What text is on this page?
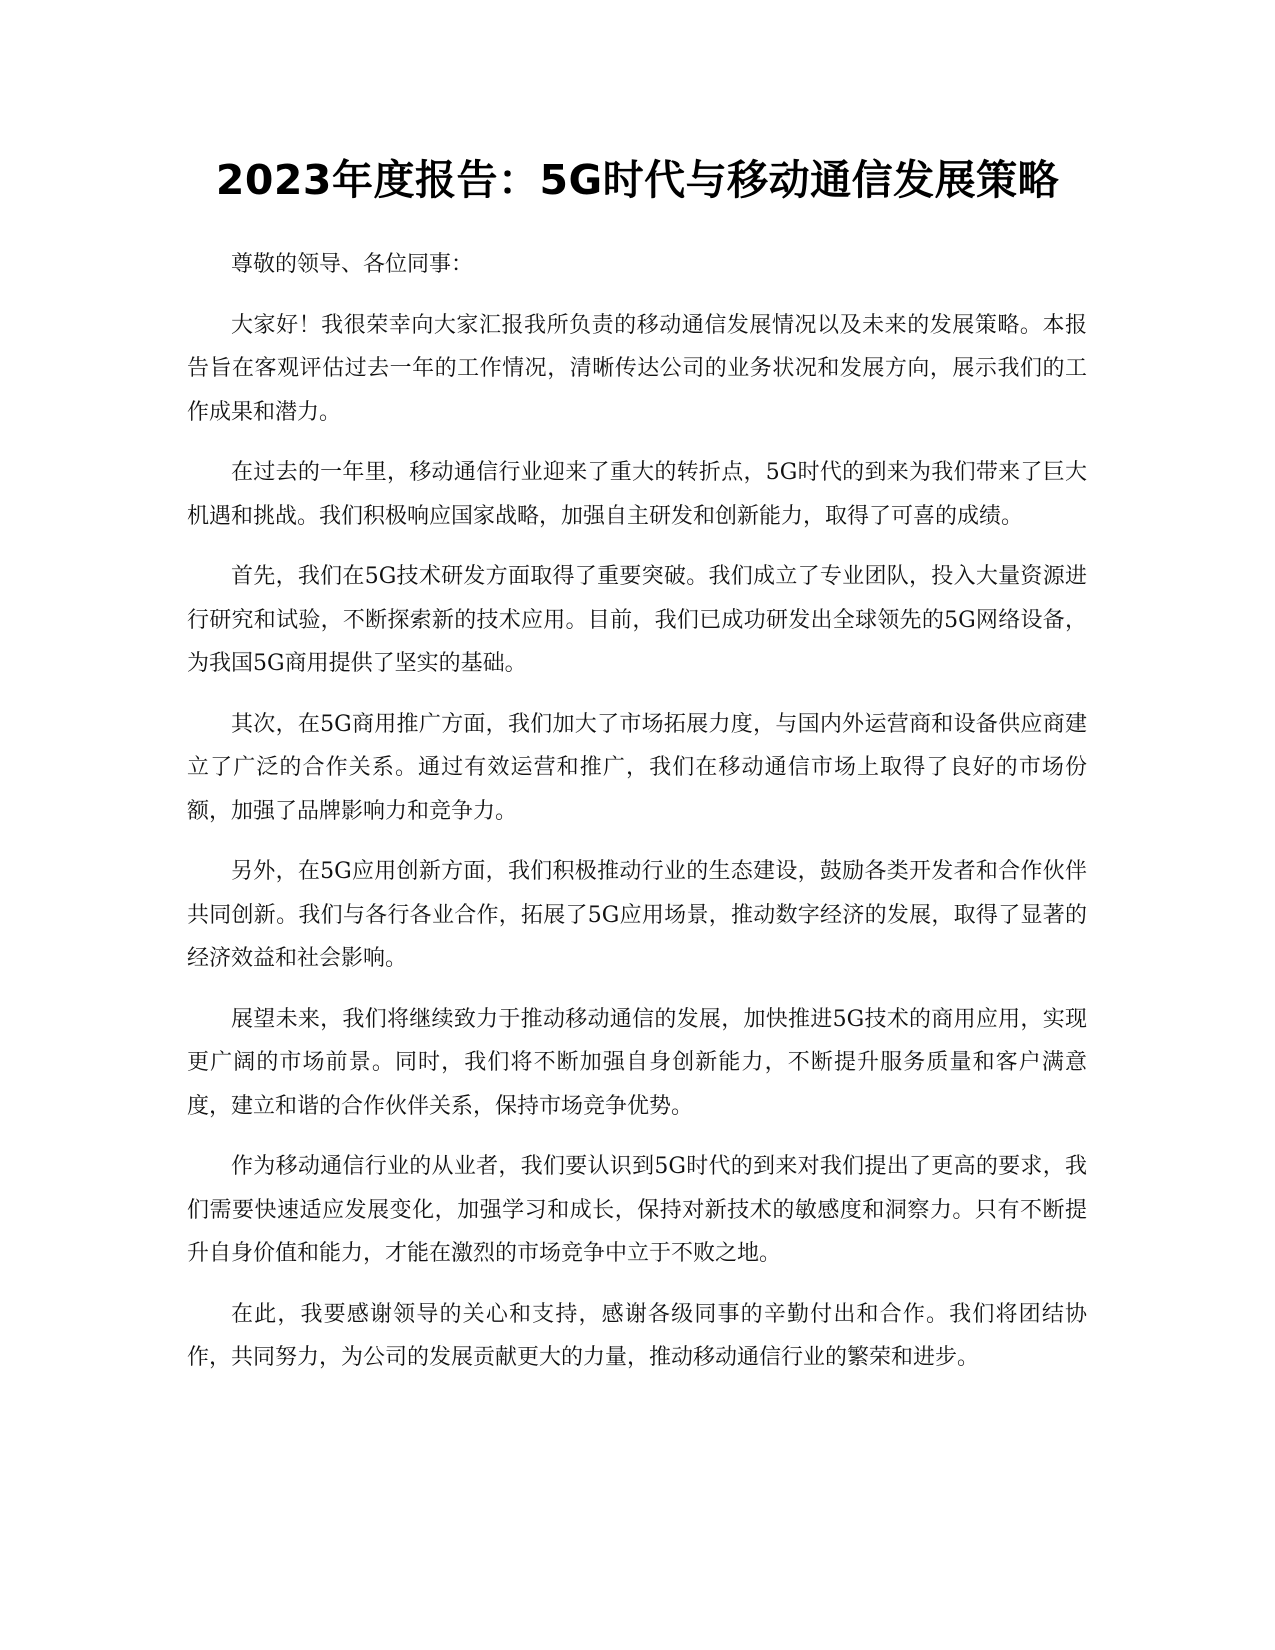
2023年度报告：5G时代与移动通信发展策略

尊敬的领导、各位同事：

大家好！我很荣幸向大家汇报我所负责的移动通信发展情况以及未来的发展策略。本报告旨在客观评估过去一年的工作情况，清晰传达公司的业务状况和发展方向，展示我们的工作成果和潜力。

在过去的一年里，移动通信行业迎来了重大的转折点，5G时代的到来为我们带来了巨大机遇和挑战。我们积极响应国家战略，加强自主研发和创新能力，取得了可喜的成绩。

首先，我们在5G技术研发方面取得了重要突破。我们成立了专业团队，投入大量资源进行研究和试验，不断探索新的技术应用。目前，我们已成功研发出全球领先的5G网络设备，为我国5G商用提供了坚实的基础。

其次，在5G商用推广方面，我们加大了市场拓展力度，与国内外运营商和设备供应商建立了广泛的合作关系。通过有效运营和推广，我们在移动通信市场上取得了良好的市场份额，加强了品牌影响力和竞争力。

另外，在5G应用创新方面，我们积极推动行业的生态建设，鼓励各类开发者和合作伙伴共同创新。我们与各行各业合作，拓展了5G应用场景，推动数字经济的发展，取得了显著的经济效益和社会影响。

展望未来，我们将继续致力于推动移动通信的发展，加快推进5G技术的商用应用，实现更广阔的市场前景。同时，我们将不断加强自身创新能力，不断提升服务质量和客户满意度，建立和谐的合作伙伴关系，保持市场竞争优势。

作为移动通信行业的从业者，我们要认识到5G时代的到来对我们提出了更高的要求，我们需要快速适应发展变化，加强学习和成长，保持对新技术的敏感度和洞察力。只有不断提升自身价值和能力，才能在激烈的市场竞争中立于不败之地。

在此，我要感谢领导的关心和支持，感谢各级同事的辛勤付出和合作。我们将团结协作，共同努力，为公司的发展贡献更大的力量，推动移动通信行业的繁荣和进步。
